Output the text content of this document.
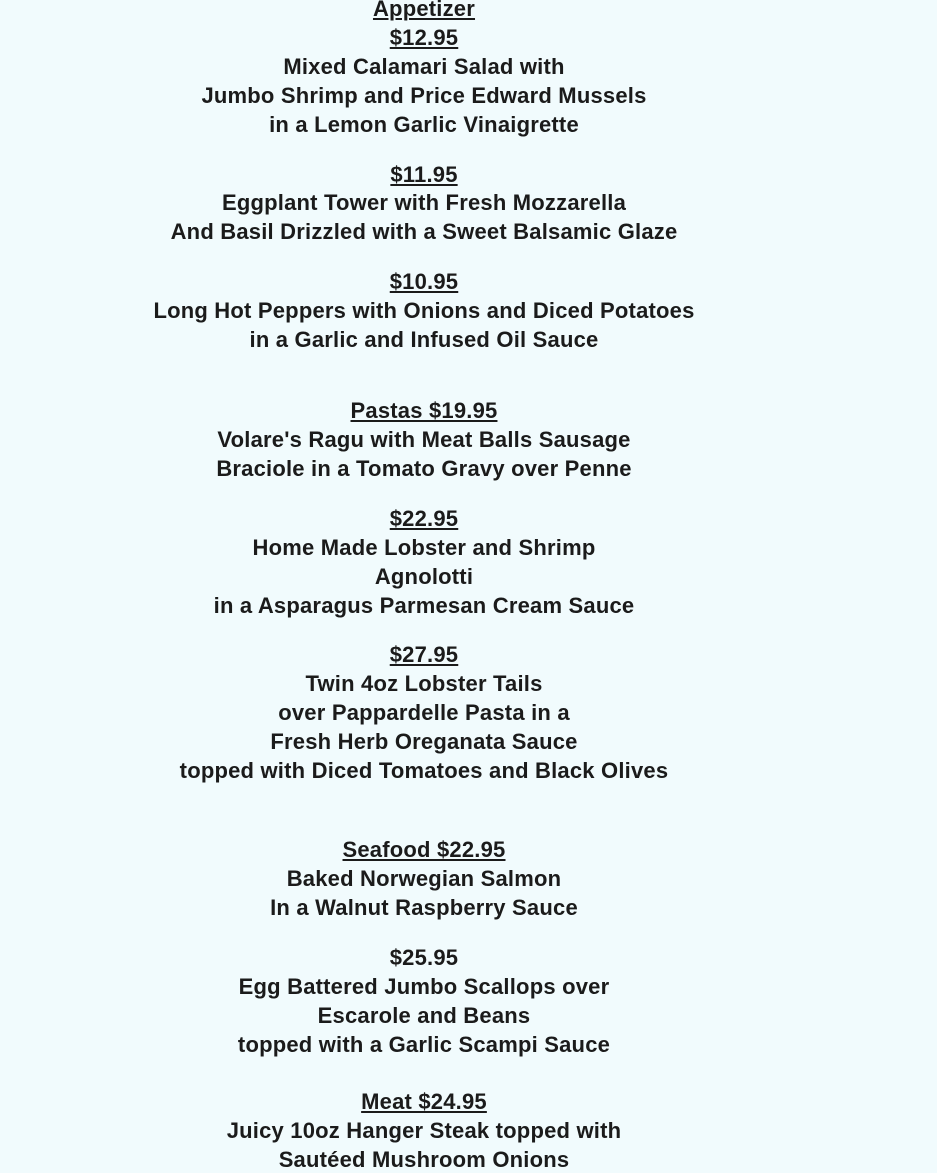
Appetizer
$12.95
Mixed Calamari Salad with
Jumbo Shrimp and Price Edward Mussels
in a Lemon Garlic Vinaigrette
$11.95
Eggplant Tower with Fresh Mozzarella
And Basil Drizzled with a Sweet Balsamic Glaze
$10.95
Long Hot Peppers with Onions and Diced Potatoes
in a Garlic and Infused Oil Sauce
Pastas $19.95
Volare's Ragu with Meat Balls Sausage
Braciole in a Tomato Gravy over Penne
$22.95
Home Made Lobster and Shrimp
Agnolotti
in a Asparagus Parmesan Cream Sauce
$27.95
Twin 4oz Lobster Tails
over Pappardelle Pasta in a
Fresh Herb Oreganata Sauce
topped with Diced Tomatoes and Black Olives
Seafood $22.95
Baked Norwegian Salmon
In a Walnut Raspberry Sauce
$25.95
Egg Battered Jumbo Scallops over
Escarole and Beans
topped with a Garlic Scampi Sauce
Meat $24.95
Juicy 10oz Hanger Steak topped with
Sautéed Mushroom Onions
